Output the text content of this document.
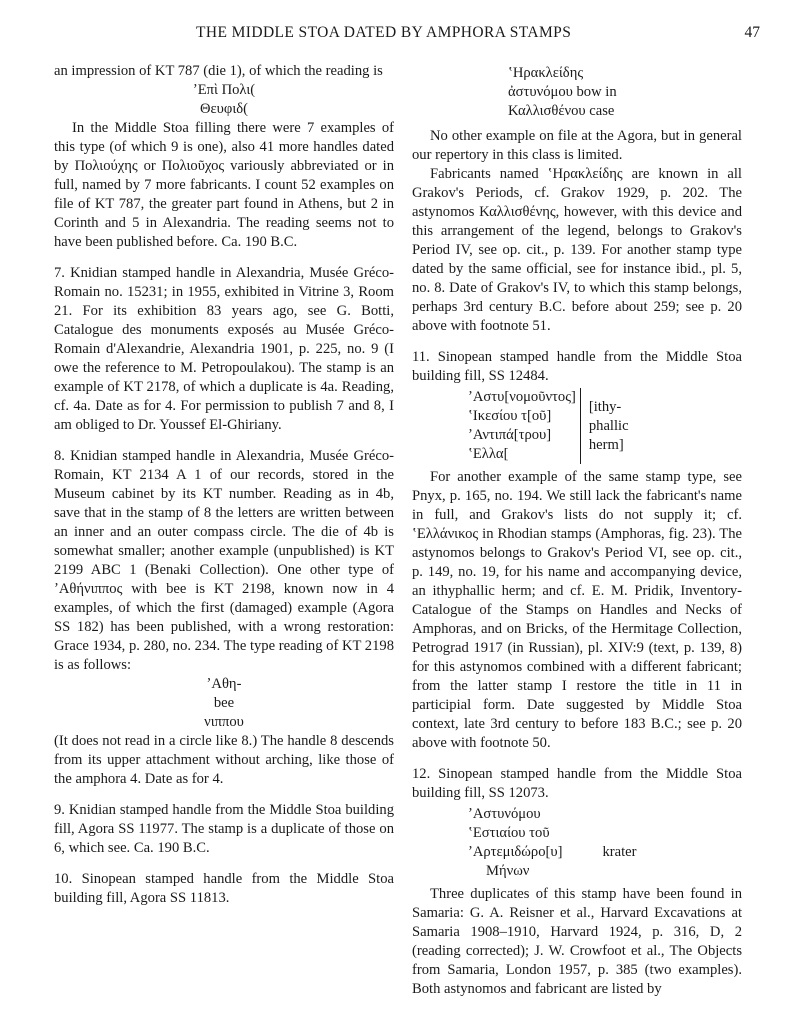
THE MIDDLE STOA DATED BY AMPHORA STAMPS	47

an impression of KT 787 (die 1), of which the reading is

ʼΕπὶ Πολι(
Θευφιδ(

In the Middle Stoa filling there were 7 examples of this type (of which 9 is one), also 41 more handles dated by Πολιούχης or Πολιοῦχος variously abbreviated or in full, named by 7 more fabricants. I count 52 examples on file of KT 787, the greater part found in Athens, but 2 in Corinth and 5 in Alexandria. The reading seems not to have been published before. Ca. 190 B.C.

7. Knidian stamped handle in Alexandria, Musée Gréco-Romain no. 15231; in 1955, exhibited in Vitrine 3, Room 21. For its exhibition 83 years ago, see G. Botti, Catalogue des monuments exposés au Musée Gréco-Romain d'Alexandrie, Alexandria 1901, p. 225, no. 9 (I owe the reference to M. Petropoulakou). The stamp is an example of KT 2178, of which a duplicate is 4a. Reading, cf. 4a. Date as for 4. For permission to publish 7 and 8, I am obliged to Dr. Youssef El-Ghiriany.

8. Knidian stamped handle in Alexandria, Musée Gréco-Romain, KT 2134 A 1 of our records, stored in the Museum cabinet by its KT number. Reading as in 4b, save that in the stamp of 8 the letters are written between an inner and an outer compass circle. The die of 4b is somewhat smaller; another example (unpublished) is KT 2199 ABC 1 (Benaki Collection). One other type of ʼΑθήνιππος with bee is KT 2198, known now in 4 examples, of which the first (damaged) example (Agora SS 182) has been published, with a wrong restoration: Grace 1934, p. 280, no. 234. The type reading of KT 2198 is as follows:

ʼΑθη-
bee
νιππου

(It does not read in a circle like 8.) The handle 8 descends from its upper attachment without arching, like those of the amphora 4. Date as for 4.

9. Knidian stamped handle from the Middle Stoa building fill, Agora SS 11977. The stamp is a duplicate of those on 6, which see. Ca. 190 B.C.

10. Sinopean stamped handle from the Middle Stoa building fill, Agora SS 11813.

ʽΗρακλείδης
ἀστυνόμου bow in
Καλλισθένου case

No other example on file at the Agora, but in general our repertory in this class is limited.

Fabricants named ʽΗρακλείδης are known in all Grakov's Periods, cf. Grakov 1929, p. 202. The astynomos Καλλισθένης, however, with this device and this arrangement of the legend, belongs to Grakov's Period IV, see op. cit., p. 139. For another stamp type dated by the same official, see for instance ibid., pl. 5, no. 8. Date of Grakov's IV, to which this stamp belongs, perhaps 3rd century B.C. before about 259; see p. 20 above with footnote 51.

11. Sinopean stamped handle from the Middle Stoa building fill, SS 12484.

ʼΑστυ[νομοῦντος]
ʽΙκεσίου τ[οῦ]
ʼΑντιπά[τρου]
ʽΕλλα[
[ithy- phallic herm]

For another example of the same stamp type, see Pnyx, p. 165, no. 194. We still lack the fabricant's name in full, and Grakov's lists do not supply it; cf. ʽΕλλάνικος in Rhodian stamps (Amphoras, fig. 23). The astynomos belongs to Grakov's Period VI, see op. cit., p. 149, no. 19, for his name and accompanying device, an ithyphallic herm; and cf. E. M. Pridik, Inventory-Catalogue of the Stamps on Handles and Necks of Amphoras, and on Bricks, of the Hermitage Collection, Petrograd 1917 (in Russian), pl. XIV:9 (text, p. 139, 8) for this astynomos combined with a different fabricant; from the latter stamp I restore the title in 11 in participial form. Date suggested by Middle Stoa context, late 3rd century to before 183 B.C.; see p. 20 above with footnote 50.

12. Sinopean stamped handle from the Middle Stoa building fill, SS 12073.

ʼΑστυνόμου
ʽΕστιαίου τοῦ
ʼΑρτεμιδώρο[υ]	krater
Μήνων

Three duplicates of this stamp have been found in Samaria: G. A. Reisner et al., Harvard Excavations at Samaria 1908–1910, Harvard 1924, p. 316, D, 2 (reading corrected); J. W. Crowfoot et al., The Objects from Samaria, London 1957, p. 385 (two examples). Both astynomos and fabricant are listed by
